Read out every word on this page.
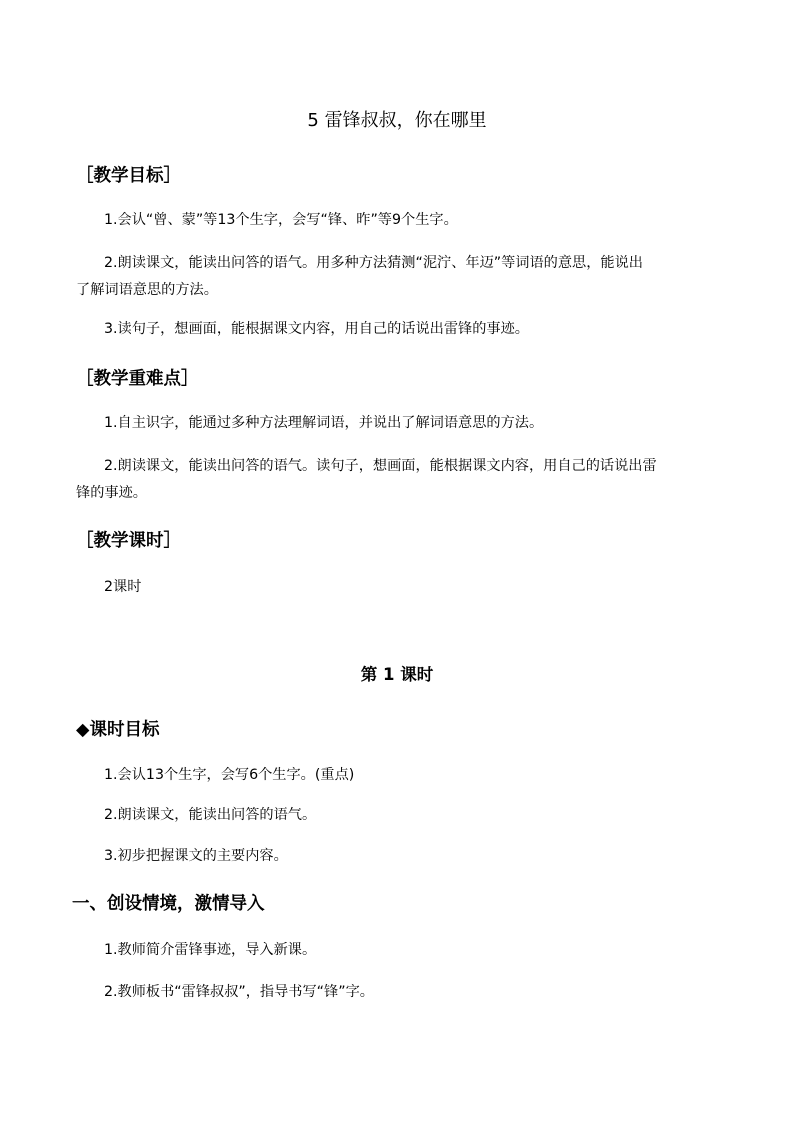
5 雷锋叔叔，你在哪里
［教学目标］
1.会认“曾、蒙”等13个生字，会写“锋、昨”等9个生字。
2.朗读课文，能读出问答的语气。用多种方法猜测“泥泞、年迈”等词语的意思，能说出
了解词语意思的方法。
3.读句子，想画面，能根据课文内容，用自己的话说出雷锋的事迹。
［教学重难点］
1.自主识字，能通过多种方法理解词语，并说出了解词语意思的方法。
2.朗读课文，能读出问答的语气。读句子，想画面，能根据课文内容，用自己的话说出雷
锋的事迹。
［教学课时］
2课时
第 1 课时
◆课时目标
1.会认13个生字，会写6个生字。(重点)
2.朗读课文，能读出问答的语气。
3.初步把握课文的主要内容。
一、创设情境，激情导入
1.教师简介雷锋事迹，导入新课。
2.教师板书“雷锋叔叔”，指导书写“锋”字。
